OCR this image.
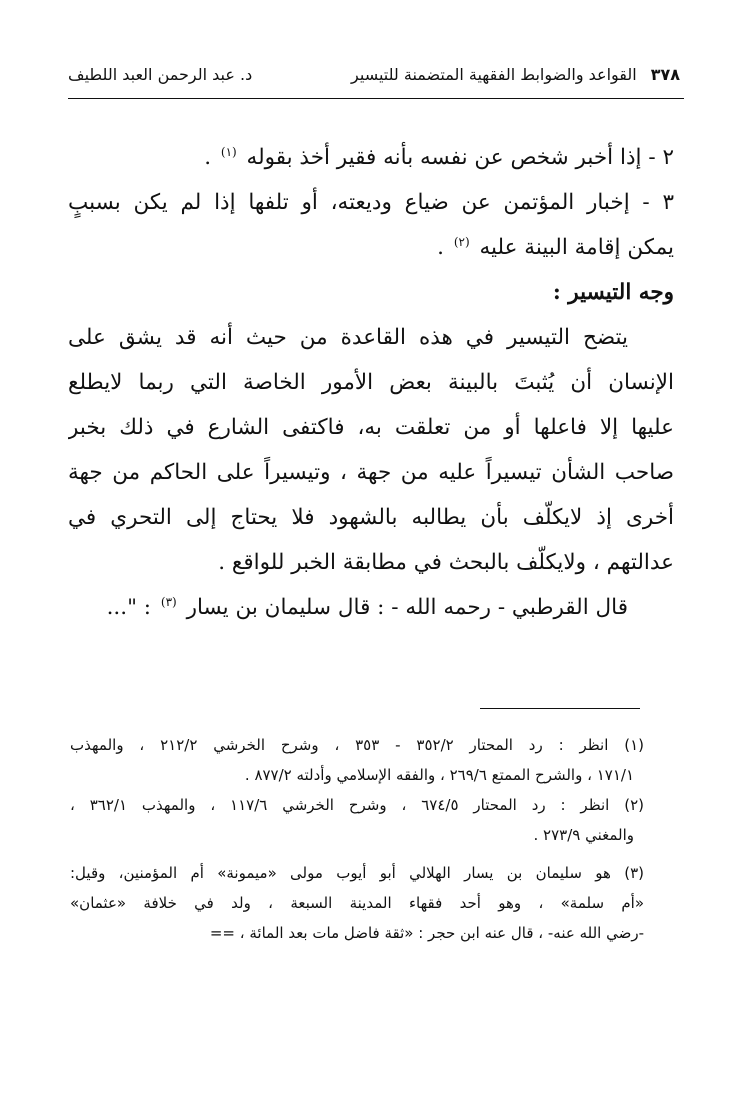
٣٧٨
القواعد والضوابط الفقهية المتضمنة للتيسير
د. عبد الرحمن العبد اللطيف
٢ - إذا أخبر شخص عن نفسه بأنه فقير أخذ بقوله $^{(١)}$ .
٣ - إخبار المؤتمن عن ضياع وديعته، أو تلفها إذا لم يكن بسببٍ
يمكن إقامة البينة عليه $^{(٢)}$ .
وجه التيسير :
يتضح التيسير في هذه القاعدة من حيث أنه قد يشق على
الإنسان أن يُثبتَ بالبينة بعض الأمور الخاصة التي ربما لايطلع
عليها إلا فاعلها أو من تعلقت به، فاكتفى الشارع في ذلك بخبر
صاحب الشأن تيسيراً عليه من جهة ، وتيسيراً على الحاكم من جهة
أخرى إذ لايكلّف بأن يطالبه بالشهود فلا يحتاج إلى التحري في
عدالتهم ، ولايكلّف بالبحث في مطابقة الخبر للواقع .
قال القرطبي - رحمه الله - : قال سليمان بن يسار $^{(٣)}$ : "...
(١) انظر : رد المحتار ٣٥٢/٢ - ٣٥٣ ، وشرح الخرشي ٢١٢/٢ ، والمهذب
١٧١/١ ، والشرح الممتع ٢٦٩/٦ ، والفقه الإسلامي وأدلته ٨٧٧/٢ .
(٢) انظر : رد المحتار ٦٧٤/٥ ، وشرح الخرشي ١١٧/٦ ، والمهذب ٣٦٢/١ ،
والمغني ٢٧٣/٩ .
(٣) هو سليمان بن يسار الهلالي أبو أيوب مولى «ميمونة» أم المؤمنين، وقيل:
«أم سلمة» ، وهو أحد فقهاء المدينة السبعة ، ولد في خلافة «عثمان»
-رضي الله عنه- ، قال عنه ابن حجر : «ثقة فاضل مات بعد المائة ، ==
